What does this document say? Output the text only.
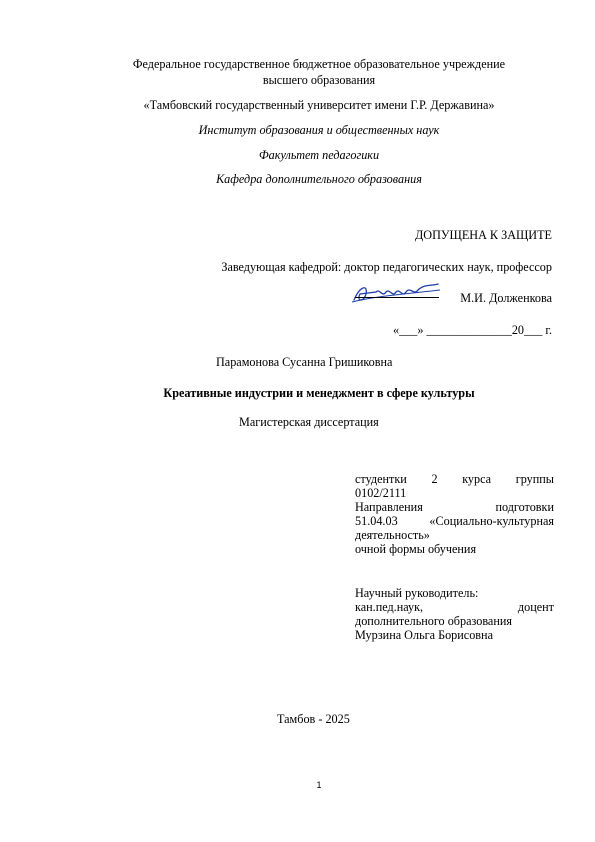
Федеральное государственное бюджетное образовательное учреждение
высшего образования
«Тамбовский государственный университет имени Г.Р. Державина»
Институт образования и общественных наук
Факультет педагогики
Кафедра дополнительного образования
ДОПУЩЕНА К ЗАЩИТЕ
Заведующая кафедрой: доктор педагогических наук, профессор
М.И. Долженкова
«___» ______________20___ г.
Парамонова Сусанна Гришиковна
Креативные индустрии и менеджмент в сфере культуры
Магистерская диссертация
студентки 2 курса группы
0102/2111
Направления	подготовки
51.04.03	«Социально-культурная
деятельность»
очной формы обучения
Научный руководитель:
кан.пед.наук,	доцент
дополнительного образования
Мурзина Ольга Борисовна
Тамбов - 2025
1
